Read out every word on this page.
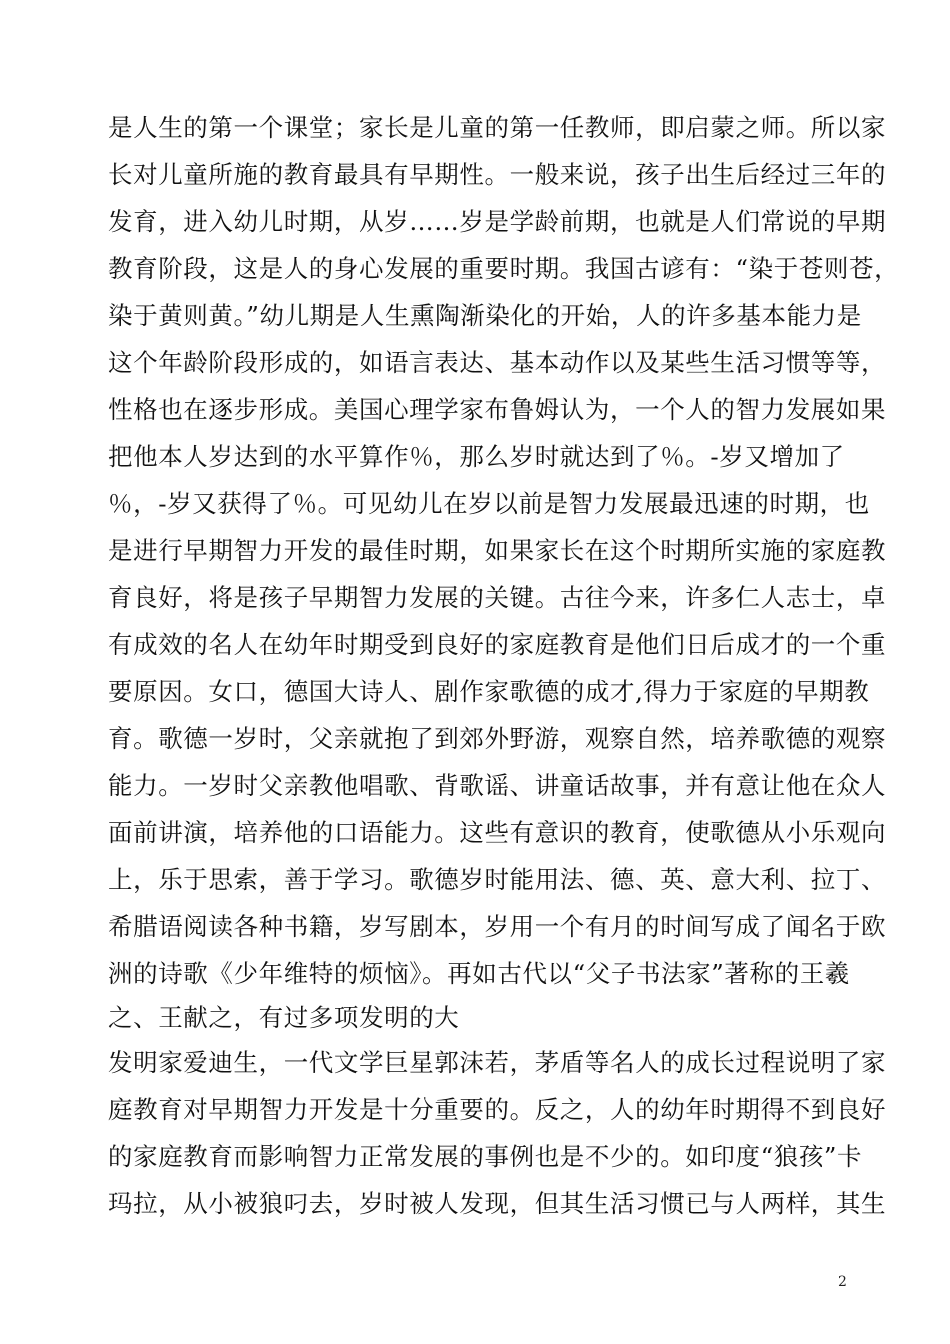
是人生的第一个课堂；家长是儿童的第一任教师，即启蒙之师。所以家
长对儿童所施的教育最具有早期性。一般来说，孩子出生后经过三年的
发育，进入幼儿时期，从岁……岁是学龄前期，也就是人们常说的早期
教育阶段，这是人的身心发展的重要时期。我国古谚有：“染于苍则苍，
染于黄则黄。”幼儿期是人生熏陶渐染化的开始，人的许多基本能力是
这个年龄阶段形成的，如语言表达、基本动作以及某些生活习惯等等，
性格也在逐步形成。美国心理学家布鲁姆认为，一个人的智力发展如果
把他本人岁达到的水平算作％，那么岁时就达到了％。-岁又增加了
％，-岁又获得了％。可见幼儿在岁以前是智力发展最迅速的时期，也
是进行早期智力开发的最佳时期，如果家长在这个时期所实施的家庭教
育良好，将是孩子早期智力发展的关键。古往今来，许多仁人志士，卓
有成效的名人在幼年时期受到良好的家庭教育是他们日后成才的一个重
要原因。女口，德国大诗人、剧作家歌德的成才,得力于家庭的早期教
育。歌德一岁时，父亲就抱了到郊外野游，观察自然，培养歌德的观察
能力。一岁时父亲教他唱歌、背歌谣、讲童话故事，并有意让他在众人
面前讲演，培养他的口语能力。这些有意识的教育，使歌德从小乐观向
上，乐于思索，善于学习。歌德岁时能用法、德、英、意大利、拉丁、
希腊语阅读各种书籍，岁写剧本，岁用一个有月的时间写成了闻名于欧
洲的诗歌《少年维特的烦恼》。再如古代以“父子书法家”著称的王羲
之、王献之，有过多项发明的大
发明家爱迪生，一代文学巨星郭沫若，茅盾等名人的成长过程说明了家
庭教育对早期智力开发是十分重要的。反之，人的幼年时期得不到良好
的家庭教育而影响智力正常发展的事例也是不少的。如印度“狼孩”卡
玛拉，从小被狼叼去，岁时被人发现，但其生活习惯已与人两样，其生
2
